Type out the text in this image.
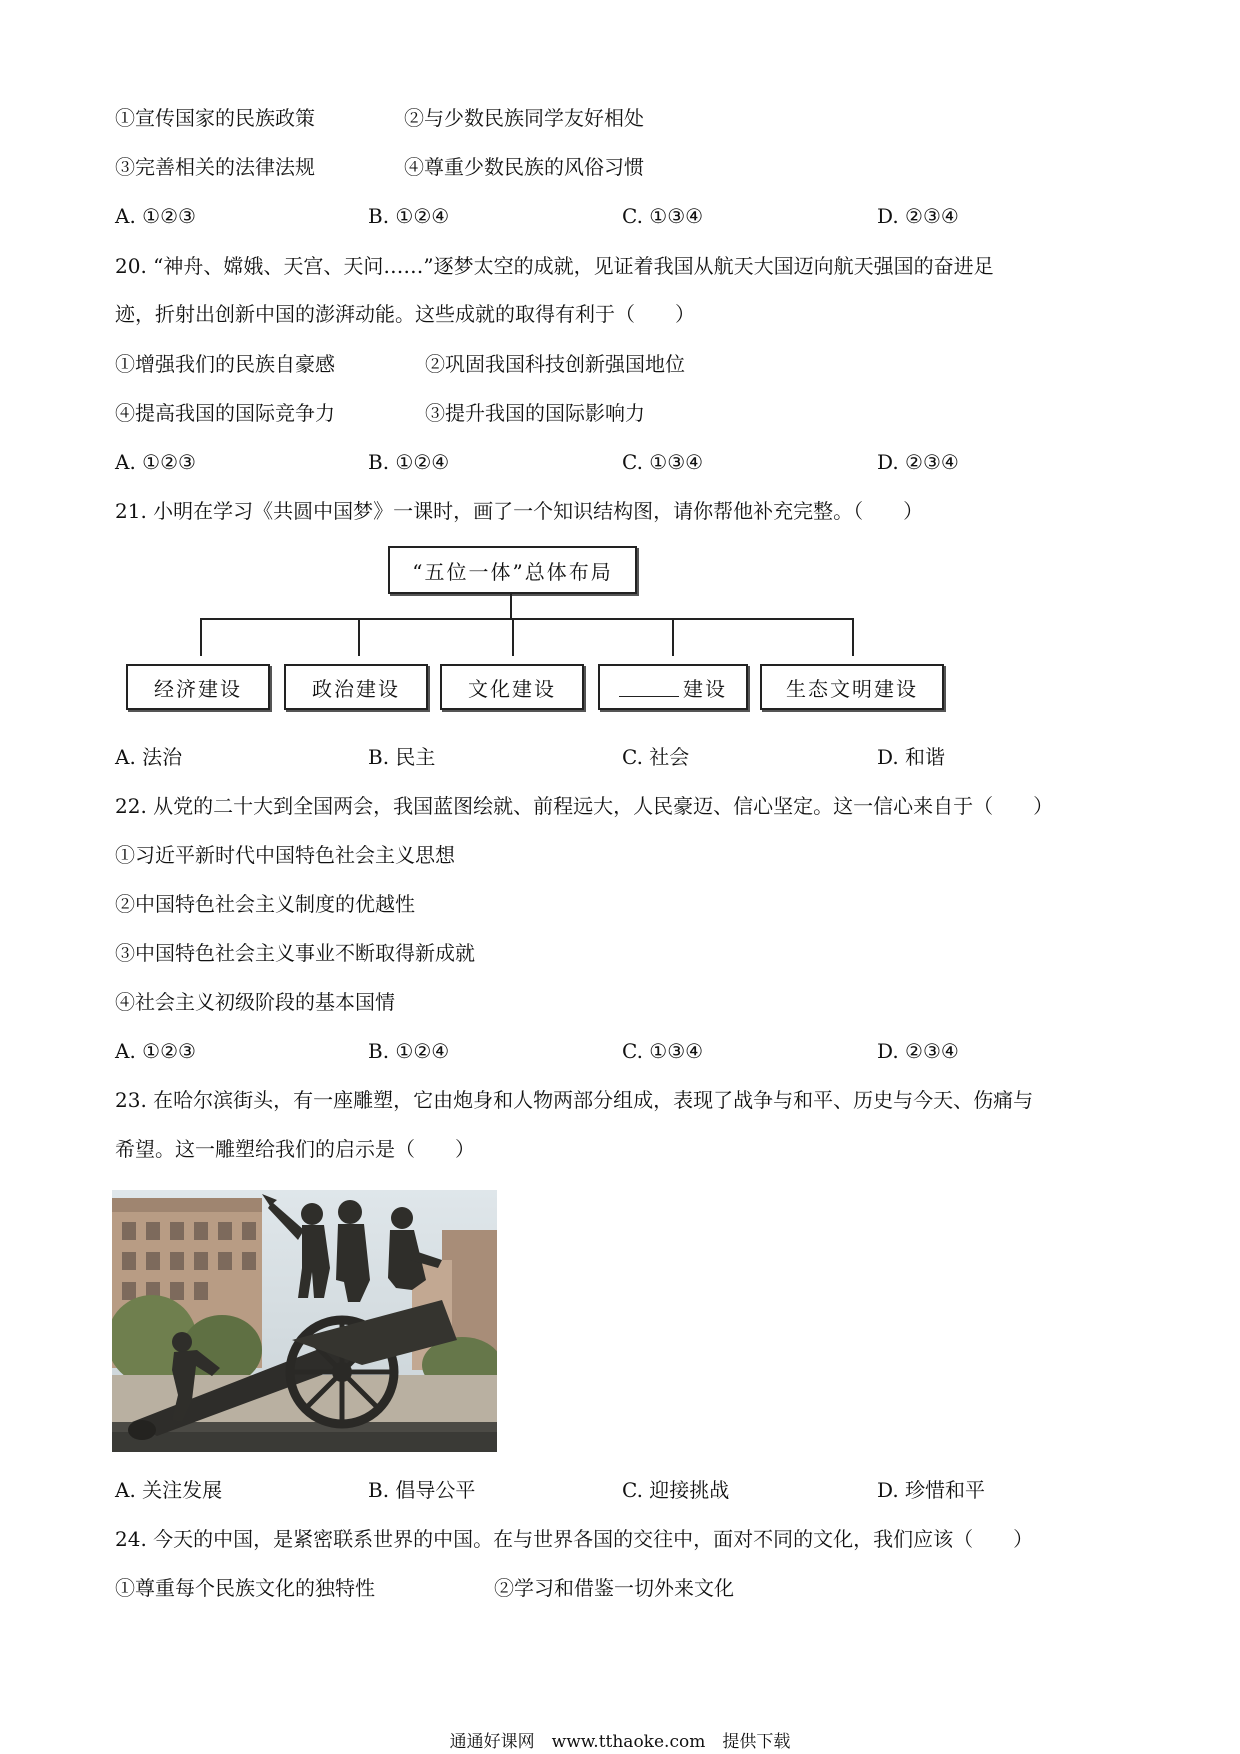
①宣传国家的民族政策	②与少数民族同学友好相处
③完善相关的法律法规	④尊重少数民族的风俗习惯
A. ①②③	B. ①②④	C. ①③④	D. ②③④
20. “神舟、嫦娥、天宫、天问……”逐梦太空的成就，见证着我国从航天大国迈向航天强国的奋进足
迹，折射出创新中国的澎湃动能。这些成就的取得有利于（　　）
①增强我们的民族自豪感	②巩固我国科技创新强国地位
④提高我国的国际竞争力	③提升我国的国际影响力
A. ①②③	B. ①②④	C. ①③④	D. ②③④
21. 小明在学习《共圆中国梦》一课时，画了一个知识结构图，请你帮他补充完整。（　　）
“五位一体”总体布局
经济建设	政治建设	文化建设	建设	生态文明建设
A. 法治	B. 民主	C. 社会	D. 和谐
22. 从党的二十大到全国两会，我国蓝图绘就、前程远大，人民豪迈、信心坚定。这一信心来自于（　　）
①习近平新时代中国特色社会主义思想
②中国特色社会主义制度的优越性
③中国特色社会主义事业不断取得新成就
④社会主义初级阶段的基本国情
A. ①②③	B. ①②④	C. ①③④	D. ②③④
23. 在哈尔滨街头，有一座雕塑，它由炮身和人物两部分组成，表现了战争与和平、历史与今天、伤痛与
希望。这一雕塑给我们的启示是（　　）
A. 关注发展	B. 倡导公平	C. 迎接挑战	D. 珍惜和平
24. 今天的中国，是紧密联系世界的中国。在与世界各国的交往中，面对不同的文化，我们应该（　　）
①尊重每个民族文化的独特性	②学习和借鉴一切外来文化
通通好课网　www.tthaoke.com　提供下载
